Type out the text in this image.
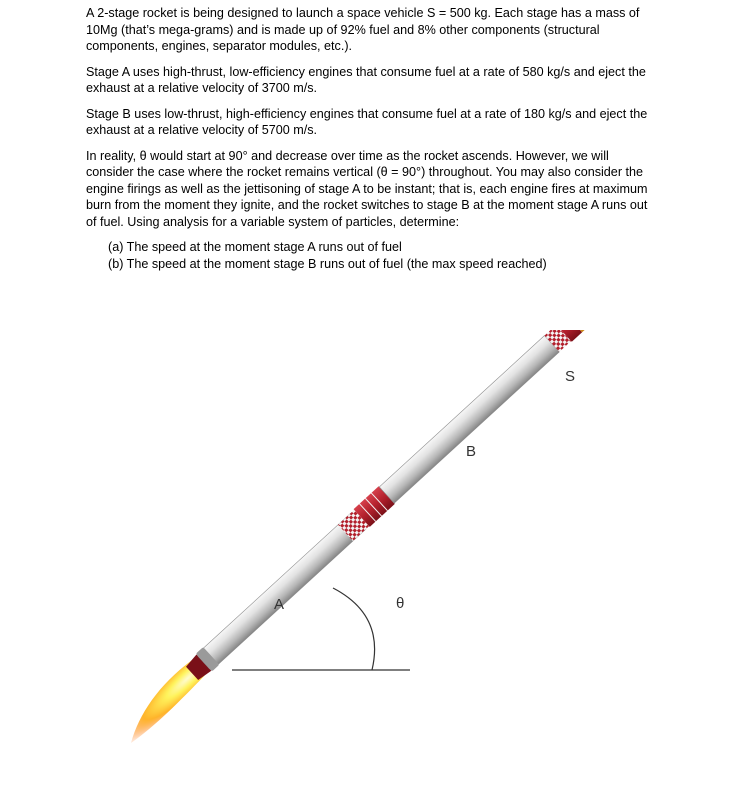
A 2-stage rocket is being designed to launch a space vehicle S = 500 kg. Each stage has a mass of 10Mg (that’s mega-grams) and is made up of 92% fuel and 8% other components (structural components, engines, separator modules, etc.).

Stage A uses high-thrust, low-efficiency engines that consume fuel at a rate of 580 kg/s and eject the exhaust at a relative velocity of 3700 m/s.

Stage B uses low-thrust, high-efficiency engines that consume fuel at a rate of 180 kg/s and eject the exhaust at a relative velocity of 5700 m/s.

In reality, θ would start at 90° and decrease over time as the rocket ascends. However, we will consider the case where the rocket remains vertical (θ = 90°) throughout. You may also consider the engine firings as well as the jettisoning of stage A to be instant; that is, each engine fires at maximum burn from the moment they ignite, and the rocket switches to stage B at the moment stage A runs out of fuel. Using analysis for a variable system of particles, determine:

(a) The speed at the moment stage A runs out of fuel
(b) The speed at the moment stage B runs out of fuel (the max speed reached)
θ
A
B
S
